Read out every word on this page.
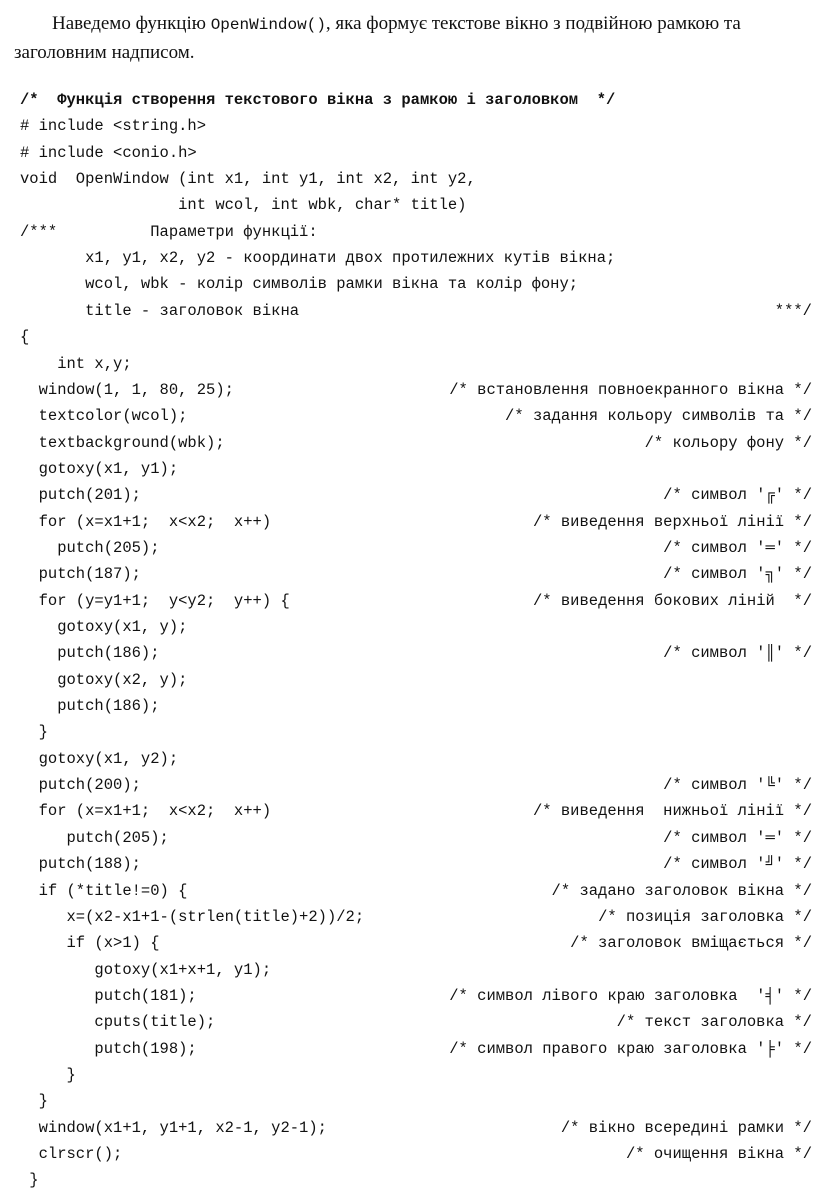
Наведемо функцію OpenWindow(), яка формує текстове вікно з подвійною рамкою та заголовним надписом.

/*  Функція створення текстового вікна з рамкою і заголовком  */
# include <string.h>
# include <conio.h>
void  OpenWindow (int x1, int y1, int x2, int y2,
int wcol, int wbk, char* title)
/***          Параметри функції:
x1, y1, x2, y2 - координати двох протилежних кутів вікна;
wcol, wbk - колір символів рамки вікна та колір фону;
title - заголовок вікна	***/
{
int x,y;
window(1, 1, 80, 25);	/* встановлення повноекранного вікна */
textcolor(wcol);	/* задання кольору символів та */
textbackground(wbk);	/* кольору фону */
gotoxy(x1, y1);
putch(201);	/* символ '╔' */
for (x=x1+1;  x<x2;  x++)	/* виведення верхньої лінії */
putch(205);	/* символ '═' */
putch(187);	/* символ '╗' */
for (y=y1+1;  y<y2;  y++) {	/* виведення бокових ліній  */
gotoxy(x1, y);
putch(186);	/* символ '║' */
gotoxy(x2, y);
putch(186);
}
gotoxy(x1, y2);
putch(200);	/* символ '╚' */
for (x=x1+1;  x<x2;  x++)	/* виведення  нижньої лінії */
putch(205);	/* символ '═' */
putch(188);	/* символ '╝' */
if (*title!=0) {	/* задано заголовок вікна */
x=(x2-x1+1-(strlen(title)+2))/2;	/* позиція заголовка */
if (x>1) {	/* заголовок вміщається */
gotoxy(x1+x+1, y1);
putch(181);	/* символ лівого краю заголовка  '╡' */
cputs(title);	/* текст заголовка */
putch(198);	/* символ правого краю заголовка '╞' */
}
}
window(x1+1, y1+1, x2-1, y2-1);	/* вікно всередині рамки */
clrscr();	/* очищення вікна */
}
